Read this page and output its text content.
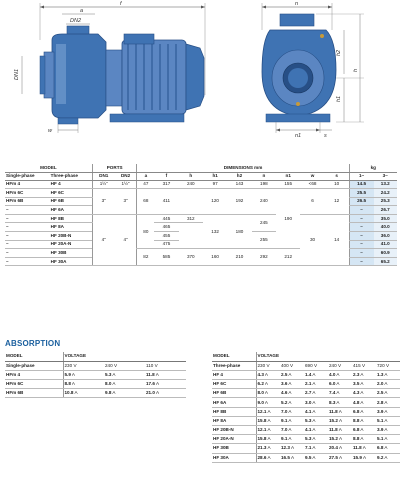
f
DN2
a
DN1
w
n
h2
h
h1
n1	s
MODEL		PORTS		DIMENSIONS mm									kg	
Single-phase	Three-phase	DN1	DN2	a	f	h	h1	h2	n	n1	w	s	1~	3~
HFm 4	HF 4	1½"	1½"	47	317	240	97	143	198	155	<68	10	14.5	13.2
HFm 6C	HF 6C	3"	3"	68	411		120	192	240	190	6	12	25.5	24.2
HFm 6B	HF 6B												26.5	25.3
–	HF 6A												–	26.7
–	HF 8B	4"	4"	80	445	312	132	180	245		30	14	–	35.0
–	HF 8A				465								–	40.0
–	HF 20B-N				455				255				–	36.0
–	HF 20A-N				475								–	41.0
–	HF 30B			82	585	370	160	210	292	212			–	60.9
–	HF 30A												–	65.2
ABSORPTION
MODEL	VOLTAGE		
Single-phase	230 V	240 V	110 V
HFm 4	5.9 A	5.3 A	11.8 A
HFm 6C	8.8 A	8.0 A	17.6 A
HFm 6B	10.8 A	9.8 A	21.0 A
MODEL	VOLTAGE					
Three-phase	230 V	400 V	690 V	240 V	415 V	720 V
HF 4	4.3 A	2.5 A	1.4 A	4.0 A	2.3 A	1.3 A
HF 6C	6.2 A	3.6 A	2.1 A	6.0 A	3.5 A	2.0 A
HF 6B	8.0 A	4.6 A	2.7 A	7.4 A	4.3 A	2.5 A
HF 6A	9.0 A	5.2 A	3.0 A	8.3 A	4.8 A	2.8 A
HF 8B	12.1 A	7.0 A	4.1 A	11.8 A	6.8 A	3.9 A
HF 8A	15.8 A	9.1 A	5.3 A	15.2 A	8.8 A	5.1 A
HF 20B-N	12.1 A	7.0 A	4.1 A	11.8 A	6.8 A	3.9 A
HF 20A-N	15.8 A	9.1 A	5.3 A	15.2 A	8.8 A	5.1 A
HF 30B	21.3 A	12.3 A	7.1 A	20.4 A	11.8 A	6.8 A
HF 30A	28.6 A	16.5 A	9.5 A	27.5 A	15.9 A	9.2 A
